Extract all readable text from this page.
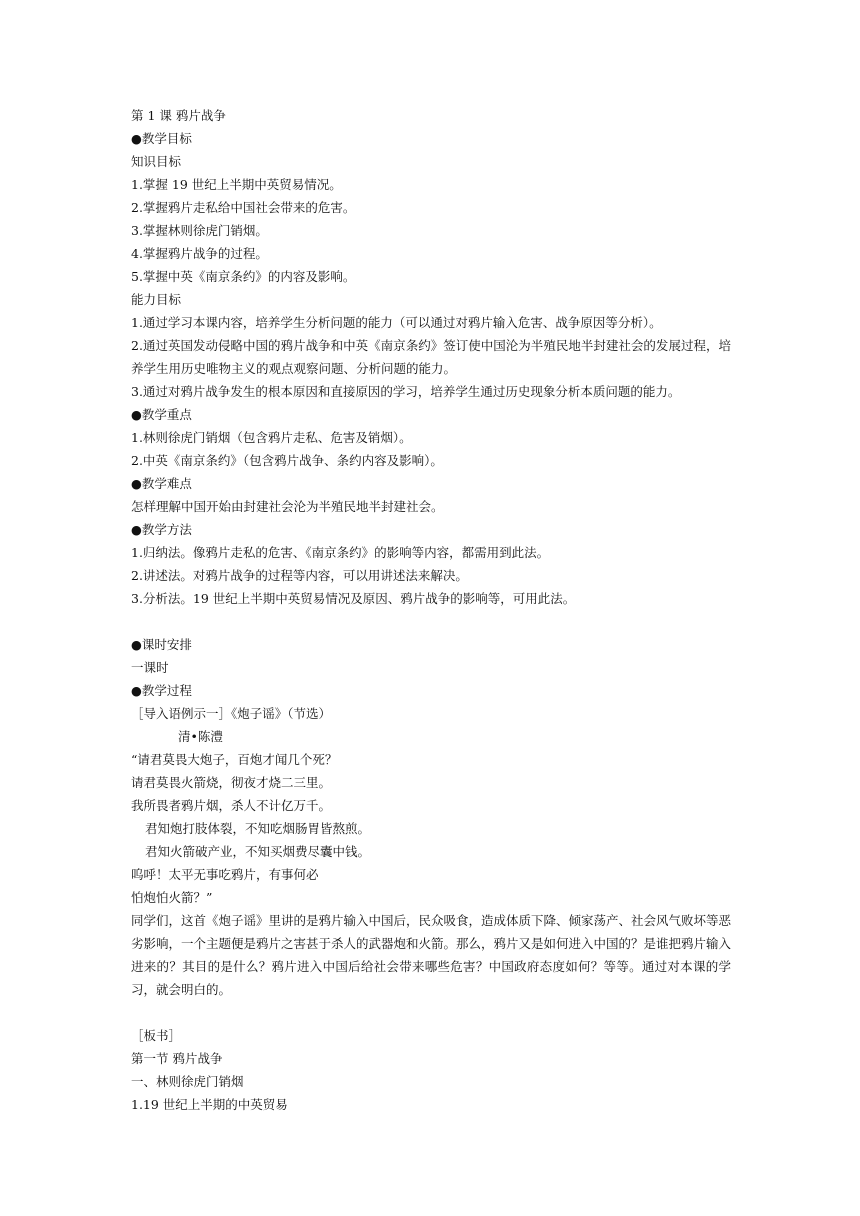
第 1 课 鸦片战争
●教学目标
知识目标
1.掌握 19 世纪上半期中英贸易情况。
2.掌握鸦片走私给中国社会带来的危害。
3.掌握林则徐虎门销烟。
4.掌握鸦片战争的过程。
5.掌握中英《南京条约》的内容及影响。
能力目标
1.通过学习本课内容，培养学生分析问题的能力（可以通过对鸦片输入危害、战争原因等分析）。
2.通过英国发动侵略中国的鸦片战争和中英《南京条约》签订使中国沦为半殖民地半封建社会的发展过程，培养学生用历史唯物主义的观点观察问题、分析问题的能力。
3.通过对鸦片战争发生的根本原因和直接原因的学习，培养学生通过历史现象分析本质问题的能力。
●教学重点
1.林则徐虎门销烟（包含鸦片走私、危害及销烟）。
2.中英《南京条约》（包含鸦片战争、条约内容及影响）。
●教学难点
怎样理解中国开始由封建社会沦为半殖民地半封建社会。
●教学方法
1.归纳法。像鸦片走私的危害、《南京条约》的影响等内容，都需用到此法。
2.讲述法。对鸦片战争的过程等内容，可以用讲述法来解决。
3.分析法。19 世纪上半期中英贸易情况及原因、鸦片战争的影响等，可用此法。
●课时安排
一课时
●教学过程
［导入语例示一］《炮子谣》（节选）
清•陈澧
“请君莫畏大炮子，百炮才闻几个死？
请君莫畏火箭烧，彻夜才烧二三里。
我所畏者鸦片烟，杀人不计亿万千。
君知炮打肢体裂，不知吃烟肠胃皆熬煎。
君知火箭破产业，不知买烟费尽囊中钱。
呜呼！太平无事吃鸦片，有事何必
怕炮怕火箭？”
同学们，这首《炮子谣》里讲的是鸦片输入中国后，民众吸食，造成体质下降、倾家荡产、社会风气败坏等恶劣影响，一个主题便是鸦片之害甚于杀人的武器炮和火箭。那么，鸦片又是如何进入中国的？是谁把鸦片输入进来的？其目的是什么？鸦片进入中国后给社会带来哪些危害？中国政府态度如何？等等。通过对本课的学习，就会明白的。
［板书］
第一节 鸦片战争
一、林则徐虎门销烟
1.19 世纪上半期的中英贸易
